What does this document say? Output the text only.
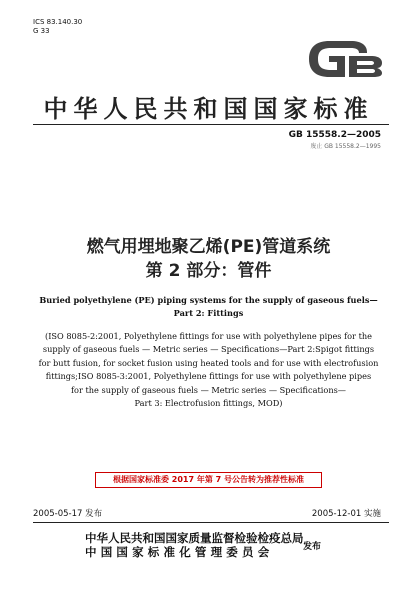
ICS 83.140.30
G 33
中华人民共和国国家标准
GB 15558.2—2005
废止 GB 15558.2—1995
燃气用埋地聚乙烯(PE)管道系统
第 2 部分：管件
Buried polyethylene (PE) piping systems for the supply of gaseous fuels—
Part 2: Fittings
(ISO 8085-2:2001, Polyethylene fittings for use with polyethylene pipes for the
supply of gaseous fuels — Metric series — Specifications—Part 2:Spigot fittings
for butt fusion, for socket fusion using heated tools and for use with electrofusion
fittings;ISO 8085-3:2001, Polyethylene fittings for use with polyethylene pipes
for the supply of gaseous fuels — Metric series — Specifications—
Part 3: Electrofusion fittings, MOD)
根据国家标准委 2017 年第 7 号公告转为推荐性标准
2005-05-17 发布	2005-12-01 实施
中华人民共和国国家质量监督检验检疫总局
中国国家标准化管理委员会	发布
